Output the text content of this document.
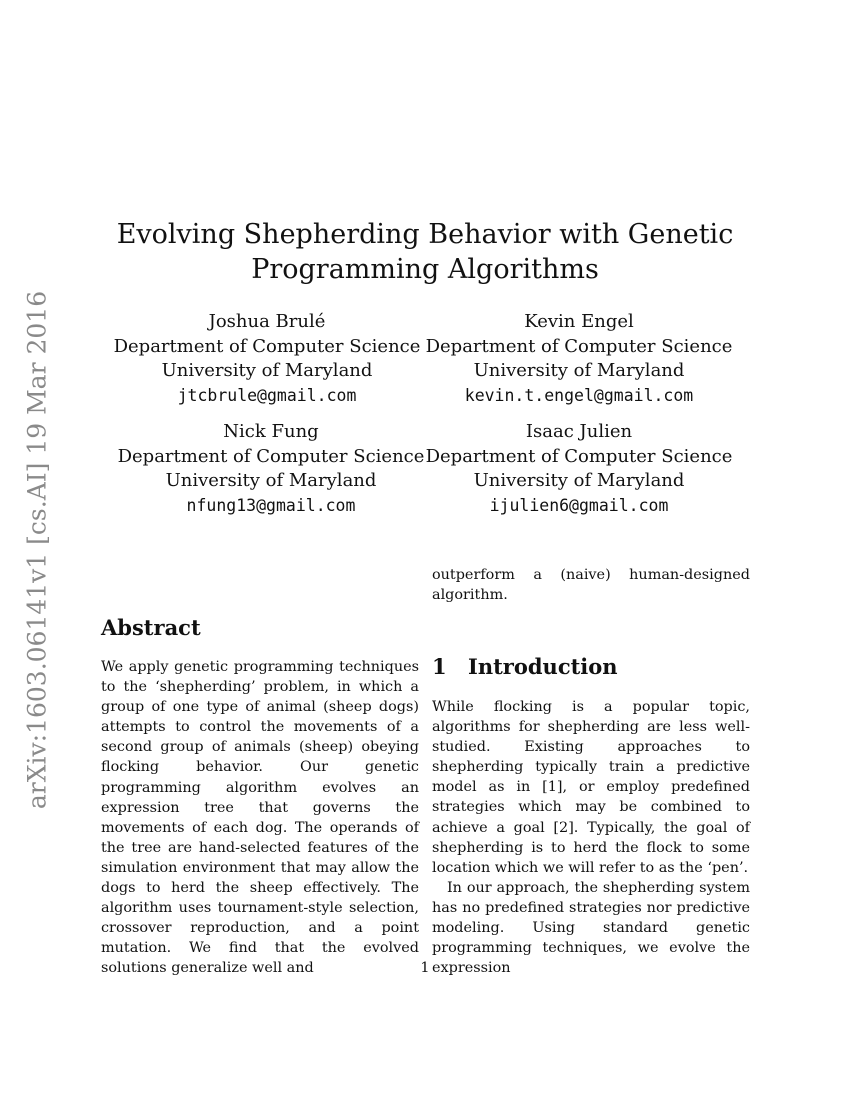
arXiv:1603.06141v1 [cs.AI] 19 Mar 2016
Evolving Shepherding Behavior with Genetic
Programming Algorithms
Joshua Brulé
Department of Computer Science
University of Maryland
jtcbrule@gmail.com
Kevin Engel
Department of Computer Science
University of Maryland
kevin.t.engel@gmail.com
Nick Fung
Department of Computer Science
University of Maryland
nfung13@gmail.com
Isaac Julien
Department of Computer Science
University of Maryland
ijulien6@gmail.com
Abstract

We apply genetic programming techniques to the ‘shepherding’ problem, in which a group of one type of animal (sheep dogs) attempts to control the movements of a second group of animals (sheep) obeying flocking behavior. Our genetic programming algorithm evolves an expression tree that governs the movements of each dog. The operands of the tree are hand-selected features of the simulation environment that may allow the dogs to herd the sheep effectively. The algorithm uses tournament-style selection, crossover reproduction, and a point mutation. We find that the evolved solutions generalize well and

outperform a (naive) human-designed algorithm.

1 Introduction

While flocking is a popular topic, algorithms for shepherding are less well-studied. Existing approaches to shepherding typically train a predictive model as in [1], or employ predefined strategies which may be combined to achieve a goal [2]. Typically, the goal of shepherding is to herd the flock to some location which we will refer to as the ‘pen’.

In our approach, the shepherding system has no predefined strategies nor predictive modeling. Using standard genetic programming techniques, we evolve the expression

1
